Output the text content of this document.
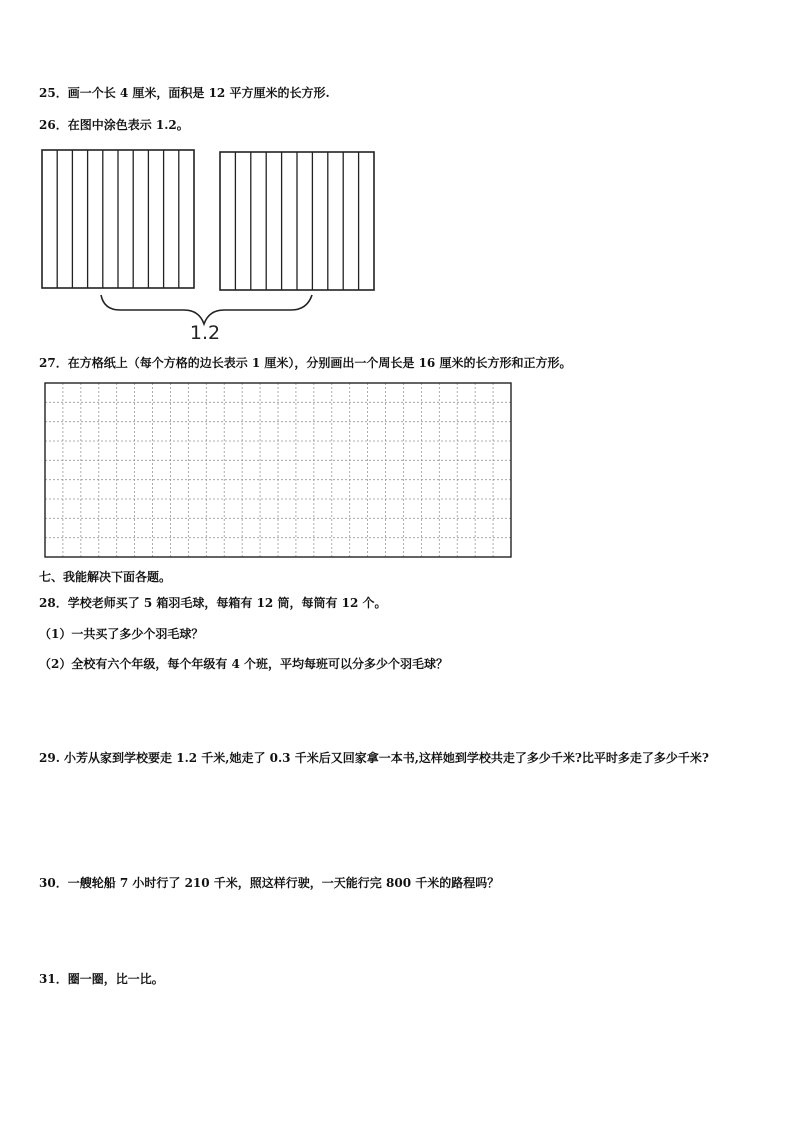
25．画一个长 4 厘米，面积是 12 平方厘米的长方形.
26．在图中涂色表示 1.2。
1.2
27．在方格纸上（每个方格的边长表示 1 厘米），分别画出一个周长是 16 厘米的长方形和正方形。
七、我能解决下面各题。
28．学校老师买了 5 箱羽毛球，每箱有 12 筒，每筒有 12 个。
（1）一共买了多少个羽毛球？
（2）全校有六个年级，每个年级有 4 个班，平均每班可以分多少个羽毛球？
29. 小芳从家到学校要走 1.2 千米,她走了 0.3 千米后又回家拿一本书,这样她到学校共走了多少千米?比平时多走了多少千米?
30．一艘轮船 7 小时行了 210 千米，照这样行驶，一天能行完 800 千米的路程吗？
31．圈一圈，比一比。
